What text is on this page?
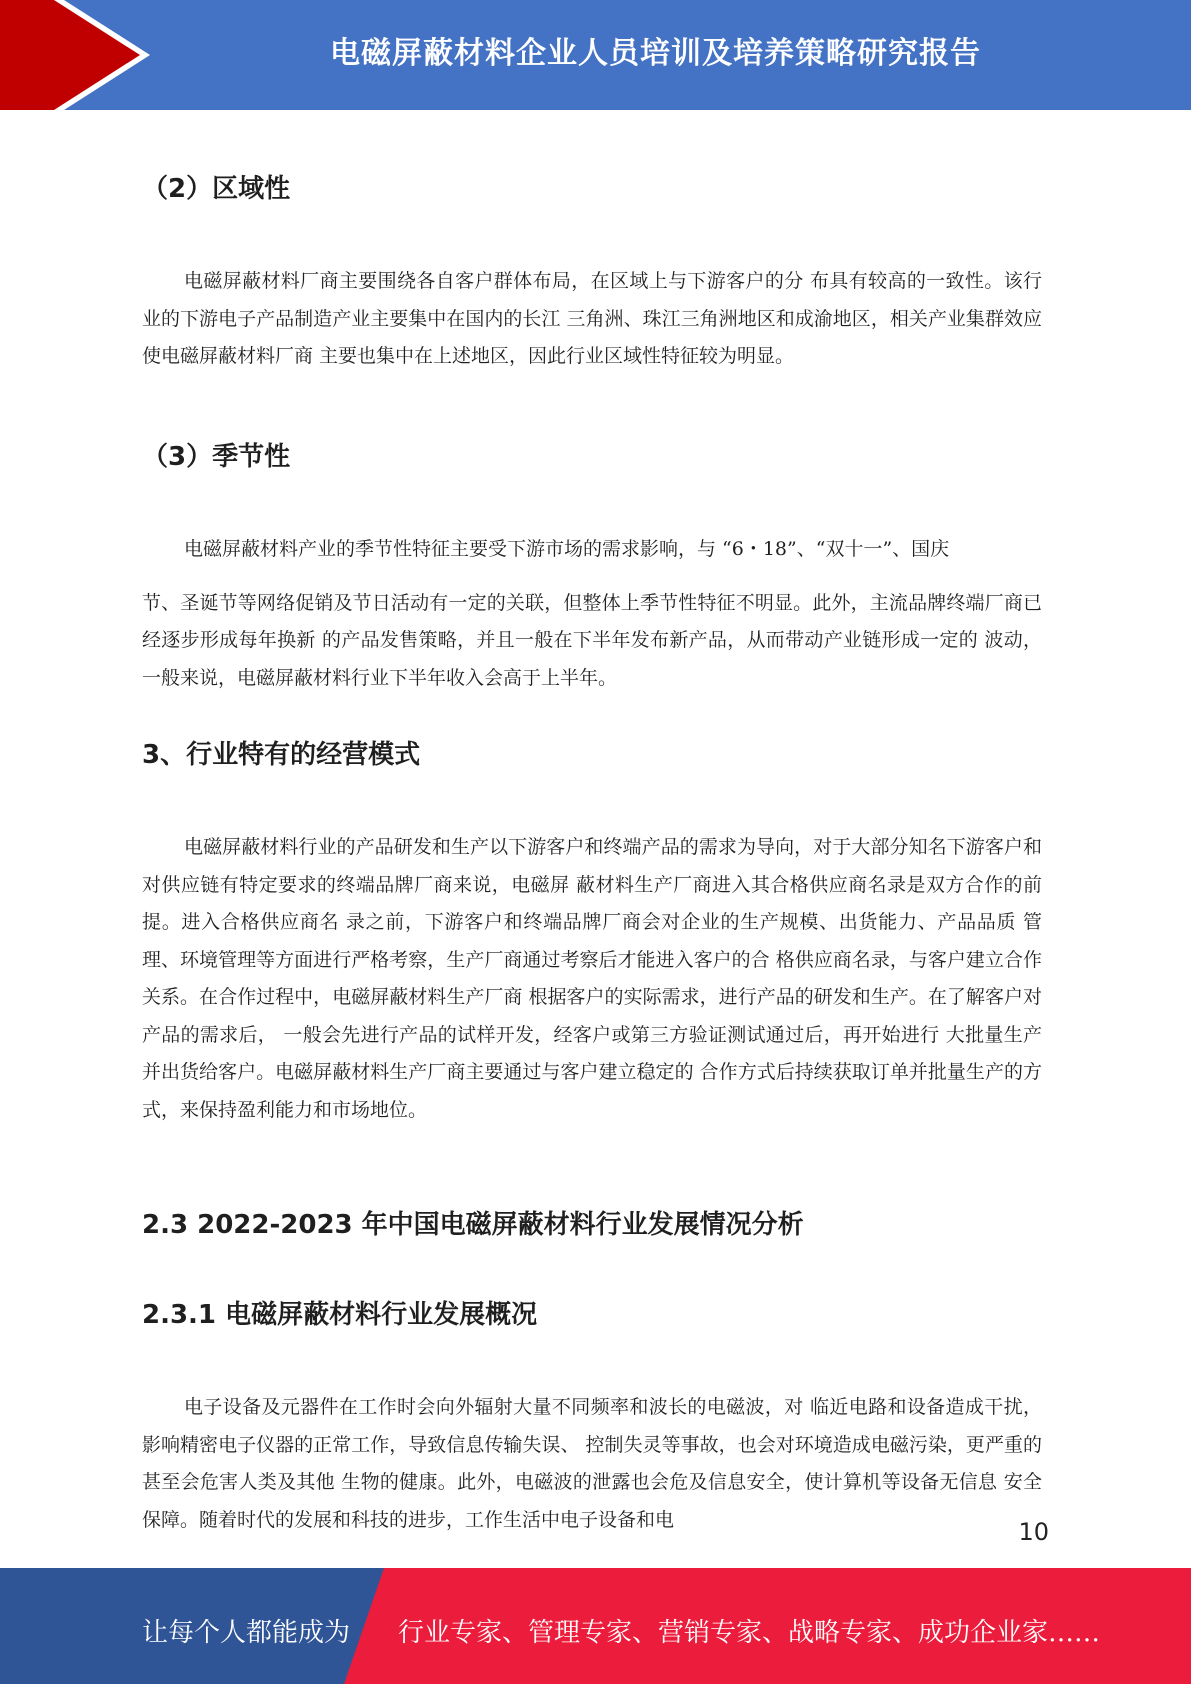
电磁屏蔽材料企业人员培训及培养策略研究报告
（2）区域性

电磁屏蔽材料厂商主要围绕各自客户群体布局，在区域上与下游客户的分 布具有较高的一致性。该行业的下游电子产品制造产业主要集中在国内的长江 三角洲、珠江三角洲地区和成渝地区，相关产业集群效应使电磁屏蔽材料厂商 主要也集中在上述地区，因此行业区域性特征较为明显。

（3）季节性

电磁屏蔽材料产业的季节性特征主要受下游市场的需求影响，与 “6・18”、“双十一”、国庆

节、圣诞节等网络促销及节日活动有一定的关联，但整体上季节性特征不明显。此外，主流品牌终端厂商已经逐步形成每年换新 的产品发售策略，并且一般在下半年发布新产品，从而带动产业链形成一定的 波动，一般来说，电磁屏蔽材料行业下半年收入会高于上半年。

3、行业特有的经营模式

电磁屏蔽材料行业的产品研发和生产以下游客户和终端产品的需求为导向，对于大部分知名下游客户和对供应链有特定要求的终端品牌厂商来说，电磁屏 蔽材料生产厂商进入其合格供应商名录是双方合作的前提。进入合格供应商名 录之前，下游客户和终端品牌厂商会对企业的生产规模、出货能力、产品品质 管理、环境管理等方面进行严格考察，生产厂商通过考察后才能进入客户的合 格供应商名录，与客户建立合作关系。在合作过程中，电磁屏蔽材料生产厂商 根据客户的实际需求，进行产品的研发和生产。在了解客户对产品的需求后， 一般会先进行产品的试样开发，经客户或第三方验证测试通过后，再开始进行 大批量生产并出货给客户。电磁屏蔽材料生产厂商主要通过与客户建立稳定的 合作方式后持续获取订单并批量生产的方式，来保持盈利能力和市场地位。

2.3 2022-2023 年中国电磁屏蔽材料行业发展情况分析
2.3.1 电磁屏蔽材料行业发展概况

电子设备及元器件在工作时会向外辐射大量不同频率和波长的电磁波，对 临近电路和设备造成干扰，影响精密电子仪器的正常工作，导致信息传输失误、 控制失灵等事故，也会对环境造成电磁污染，更严重的甚至会危害人类及其他 生物的健康。此外，电磁波的泄露也会危及信息安全，使计算机等设备无信息 安全保障。随着时代的发展和科技的进步，工作生活中电子设备和电	10
让每个人都能成为 行业专家、管理专家、营销专家、战略专家、成功企业家……
